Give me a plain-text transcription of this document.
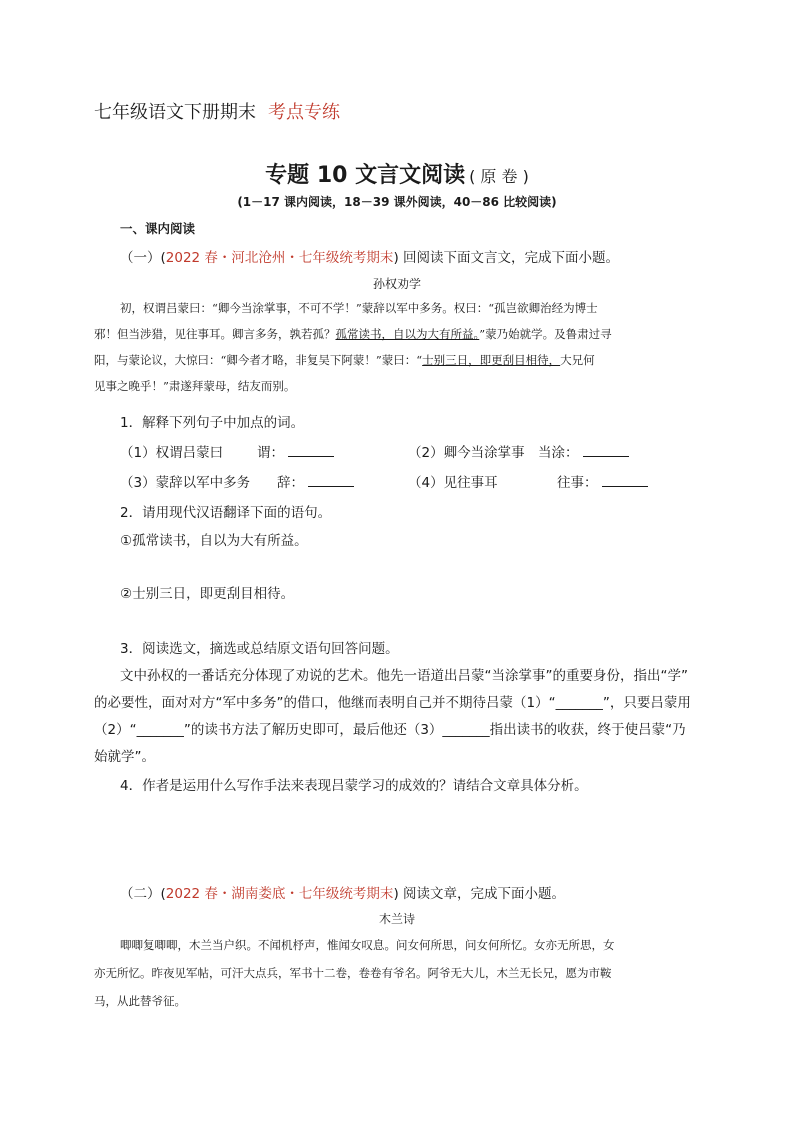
七年级语文下册期末 考点专练
专题 10 文言文阅读 ( 原 卷 )
(1－17 课内阅读，18－39 课外阅读，40－86 比较阅读)
一、课内阅读
（一）(2022 春・河北沧州・七年级统考期末) 回阅读下面文言文，完成下面小题。
孙权劝学
初，权谓吕蒙曰：“卿今当涂掌事，不可不学！”蒙辞以军中多务。权曰：“孤岂欲卿治经为博士
邪！但当涉猎，见往事耳。卿言多务，孰若孤？孤常读书，自以为大有所益。”蒙乃始就学。及鲁肃过寻
阳，与蒙论议，大惊曰：“卿今者才略，非复吴下阿蒙！”蒙曰：“士别三日，即更刮目相待，大兄何
见事之晚乎！”肃遂拜蒙母，结友而别。
1．解释下列句子中加点的词。
（1）权谓吕蒙曰	谓：	（2）卿今当涂掌事 当涂：
（3）蒙辞以军中多务 辞：	（4）见往事耳	往事：
2．请用现代汉语翻译下面的语句。
①孤常读书，自以为大有所益。
②士别三日，即更刮目相待。
3．阅读选文，摘选或总结原文语句回答问题。
文中孙权的一番话充分体现了劝说的艺术。他先一语道出吕蒙“当涂掌事”的重要身份，指出“学”
的必要性，面对对方“军中多务”的借口，他继而表明自己并不期待吕蒙（1）“_______”，只要吕蒙用
（2）“_______”的读书方法了解历史即可，最后他还（3）_______指出读书的收获，终于使吕蒙“乃
始就学”。
4．作者是运用什么写作手法来表现吕蒙学习的成效的？请结合文章具体分析。
（二）(2022 春・湖南娄底・七年级统考期末) 阅读文章，完成下面小题。
木兰诗
唧唧复唧唧，木兰当户织。不闻机杼声，惟闻女叹息。问女何所思，问女何所忆。女亦无所思，女
亦无所忆。昨夜见军帖，可汗大点兵，军书十二卷，卷卷有爷名。阿爷无大儿，木兰无长兄，愿为市鞍
马，从此替爷征。
